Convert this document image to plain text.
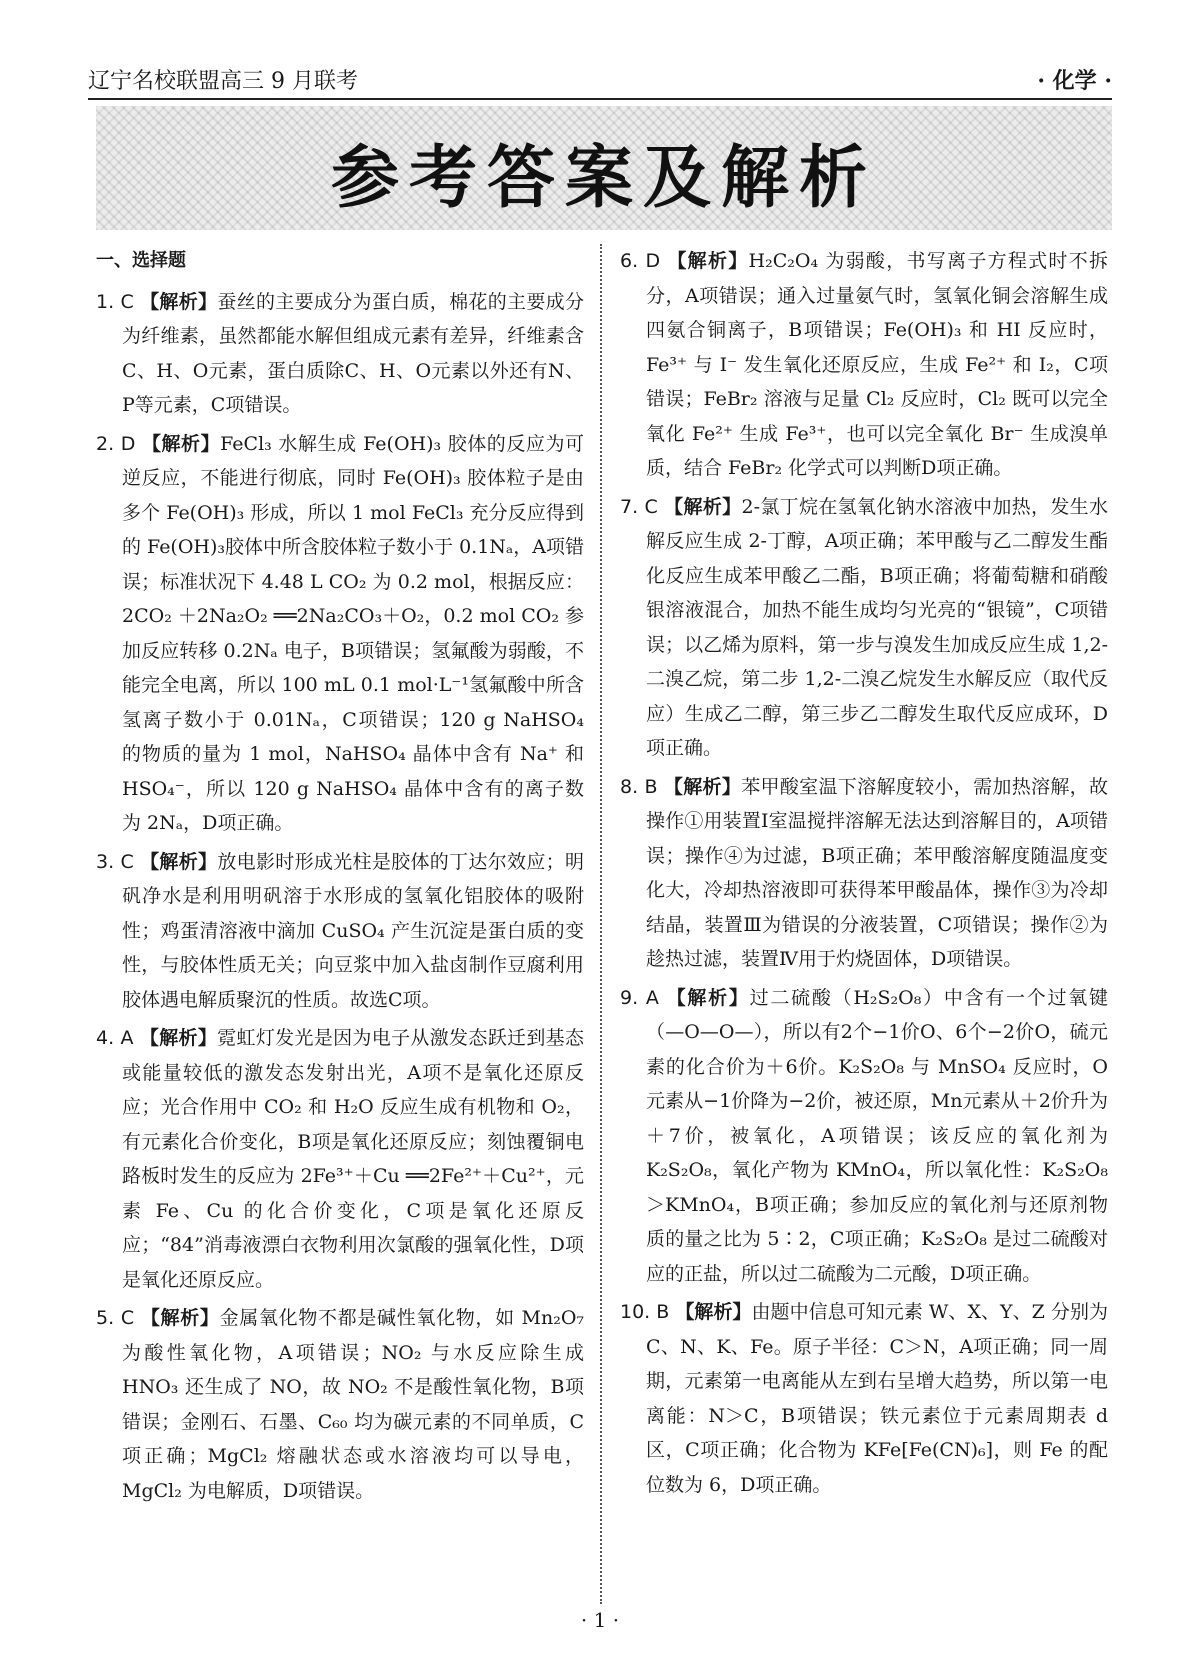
辽宁名校联盟高三 9 月联考	· 化学 ·
参考答案及解析
一、选择题
1. C 【解析】蚕丝的主要成分为蛋白质，棉花的主要成分为纤维素，虽然都能水解但组成元素有差异，纤维素含C、H、O元素，蛋白质除C、H、O元素以外还有N、P等元素，C项错误。
2. D 【解析】FeCl₃ 水解生成 Fe(OH)₃ 胶体的反应为可逆反应，不能进行彻底，同时 Fe(OH)₃ 胶体粒子是由多个 Fe(OH)₃ 形成，所以 1 mol FeCl₃ 充分反应得到的 Fe(OH)₃胶体中所含胶体粒子数小于 0.1Nₐ，A项错误；标准状况下 4.48 L CO₂ 为 0.2 mol，根据反应：2CO₂ ＋2Na₂O₂ ══2Na₂CO₃＋O₂，0.2 mol CO₂ 参加反应转移 0.2Nₐ 电子，B项错误；氢氟酸为弱酸，不能完全电离，所以 100 mL 0.1 mol·L⁻¹氢氟酸中所含氢离子数小于 0.01Nₐ，C项错误；120 g NaHSO₄ 的物质的量为 1 mol，NaHSO₄ 晶体中含有 Na⁺ 和 HSO₄⁻，所以 120 g NaHSO₄ 晶体中含有的离子数为 2Nₐ，D项正确。
3. C 【解析】放电影时形成光柱是胶体的丁达尔效应；明矾净水是利用明矾溶于水形成的氢氧化铝胶体的吸附性；鸡蛋清溶液中滴加 CuSO₄ 产生沉淀是蛋白质的变性，与胶体性质无关；向豆浆中加入盐卤制作豆腐利用胶体遇电解质聚沉的性质。故选C项。
4. A 【解析】霓虹灯发光是因为电子从激发态跃迁到基态或能量较低的激发态发射出光，A项不是氧化还原反应；光合作用中 CO₂ 和 H₂O 反应生成有机物和 O₂，有元素化合价变化，B项是氧化还原反应；刻蚀覆铜电路板时发生的反应为 2Fe³⁺＋Cu ══2Fe²⁺＋Cu²⁺，元素 Fe、Cu 的化合价变化，C项是氧化还原反应；“84”消毒液漂白衣物利用次氯酸的强氧化性，D项是氧化还原反应。
5. C 【解析】金属氧化物不都是碱性氧化物，如 Mn₂O₇ 为酸性氧化物，A项错误；NO₂ 与水反应除生成 HNO₃ 还生成了 NO，故 NO₂ 不是酸性氧化物，B项错误；金刚石、石墨、C₆₀ 均为碳元素的不同单质，C项正确；MgCl₂ 熔融状态或水溶液均可以导电，MgCl₂ 为电解质，D项错误。
6. D 【解析】H₂C₂O₄ 为弱酸，书写离子方程式时不拆分，A项错误；通入过量氨气时，氢氧化铜会溶解生成四氨合铜离子，B项错误；Fe(OH)₃ 和 HI 反应时，Fe³⁺ 与 I⁻ 发生氧化还原反应，生成 Fe²⁺ 和 I₂，C项错误；FeBr₂ 溶液与足量 Cl₂ 反应时，Cl₂ 既可以完全氧化 Fe²⁺ 生成 Fe³⁺，也可以完全氧化 Br⁻ 生成溴单质，结合 FeBr₂ 化学式可以判断D项正确。
7. C 【解析】2-氯丁烷在氢氧化钠水溶液中加热，发生水解反应生成 2-丁醇，A项正确；苯甲酸与乙二醇发生酯化反应生成苯甲酸乙二酯，B项正确；将葡萄糖和硝酸银溶液混合，加热不能生成均匀光亮的“银镜”，C项错误；以乙烯为原料，第一步与溴发生加成反应生成 1,2-二溴乙烷，第二步 1,2-二溴乙烷发生水解反应（取代反应）生成乙二醇，第三步乙二醇发生取代反应成环，D项正确。
8. B 【解析】苯甲酸室温下溶解度较小，需加热溶解，故操作①用装置Ⅰ室温搅拌溶解无法达到溶解目的，A项错误；操作④为过滤，B项正确；苯甲酸溶解度随温度变化大，冷却热溶液即可获得苯甲酸晶体，操作③为冷却结晶，装置Ⅲ为错误的分液装置，C项错误；操作②为趁热过滤，装置Ⅳ用于灼烧固体，D项错误。
9. A 【解析】过二硫酸（H₂S₂O₈）中含有一个过氧键（—O—O—），所以有2个−1价O、6个−2价O，硫元素的化合价为＋6价。K₂S₂O₈ 与 MnSO₄ 反应时，O元素从−1价降为−2价，被还原，Mn元素从＋2价升为＋7价，被氧化，A项错误；该反应的氧化剂为 K₂S₂O₈，氧化产物为 KMnO₄，所以氧化性：K₂S₂O₈＞KMnO₄，B项正确；参加反应的氧化剂与还原剂物质的量之比为 5∶2，C项正确；K₂S₂O₈ 是过二硫酸对应的正盐，所以过二硫酸为二元酸，D项正确。
10. B 【解析】由题中信息可知元素 W、X、Y、Z 分别为 C、N、K、Fe。原子半径：C＞N，A项正确；同一周期，元素第一电离能从左到右呈增大趋势，所以第一电离能：N＞C，B项错误；铁元素位于元素周期表 d 区，C项正确；化合物为 KFe[Fe(CN)₆]，则 Fe 的配位数为 6，D项正确。
· 1 ·
